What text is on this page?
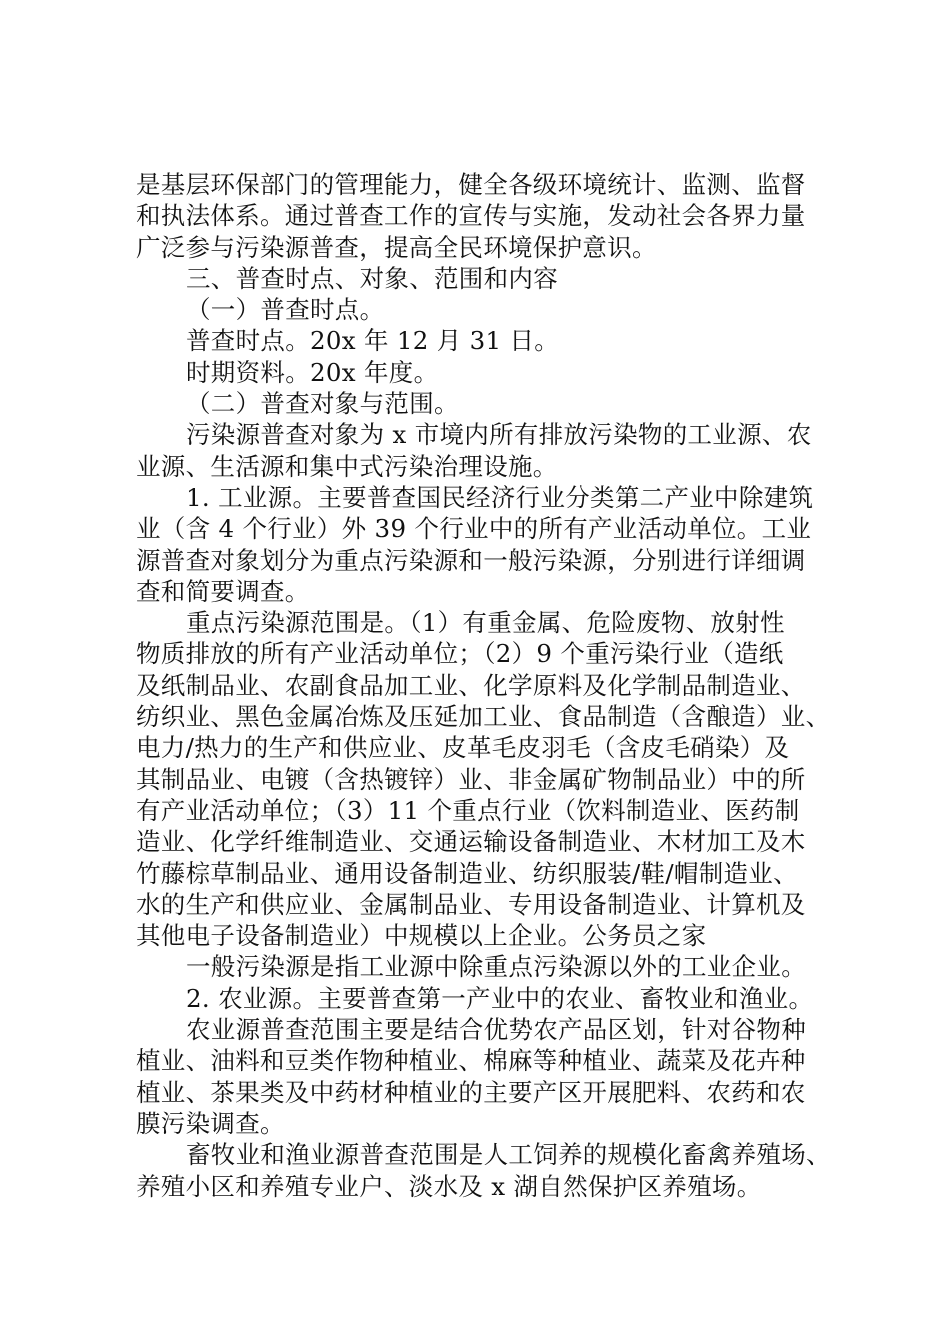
是基层环保部门的管理能力，健全各级环境统计、监测、监督
和执法体系。通过普查工作的宣传与实施，发动社会各界力量
广泛参与污染源普查，提高全民环境保护意识。
三、普查时点、对象、范围和内容
（一）普查时点。
普查时点。20x 年 12 月 31 日。
时期资料。20x 年度。
（二）普查对象与范围。
污染源普查对象为 x 市境内所有排放污染物的工业源、农
业源、生活源和集中式污染治理设施。
1. 工业源。主要普查国民经济行业分类第二产业中除建筑
业（含 4 个行业）外 39 个行业中的所有产业活动单位。工业
源普查对象划分为重点污染源和一般污染源，分别进行详细调
查和简要调查。
重点污染源范围是。（1）有重金属、危险废物、放射性
物质排放的所有产业活动单位；（2）9 个重污染行业（造纸
及纸制品业、农副食品加工业、化学原料及化学制品制造业、
纺织业、黑色金属冶炼及压延加工业、食品制造（含酿造）业、
电力/热力的生产和供应业、皮革毛皮羽毛（含皮毛硝染）及
其制品业、电镀（含热镀锌）业、非金属矿物制品业）中的所
有产业活动单位；（3）11 个重点行业（饮料制造业、医药制
造业、化学纤维制造业、交通运输设备制造业、木材加工及木
竹藤棕草制品业、通用设备制造业、纺织服装/鞋/帽制造业、
水的生产和供应业、金属制品业、专用设备制造业、计算机及
其他电子设备制造业）中规模以上企业。公务员之家
一般污染源是指工业源中除重点污染源以外的工业企业。
2. 农业源。主要普查第一产业中的农业、畜牧业和渔业。
农业源普查范围主要是结合优势农产品区划，针对谷物种
植业、油料和豆类作物种植业、棉麻等种植业、蔬菜及花卉种
植业、茶果类及中药材种植业的主要产区开展肥料、农药和农
膜污染调查。
畜牧业和渔业源普查范围是人工饲养的规模化畜禽养殖场、
养殖小区和养殖专业户、淡水及 x 湖自然保护区养殖场。
